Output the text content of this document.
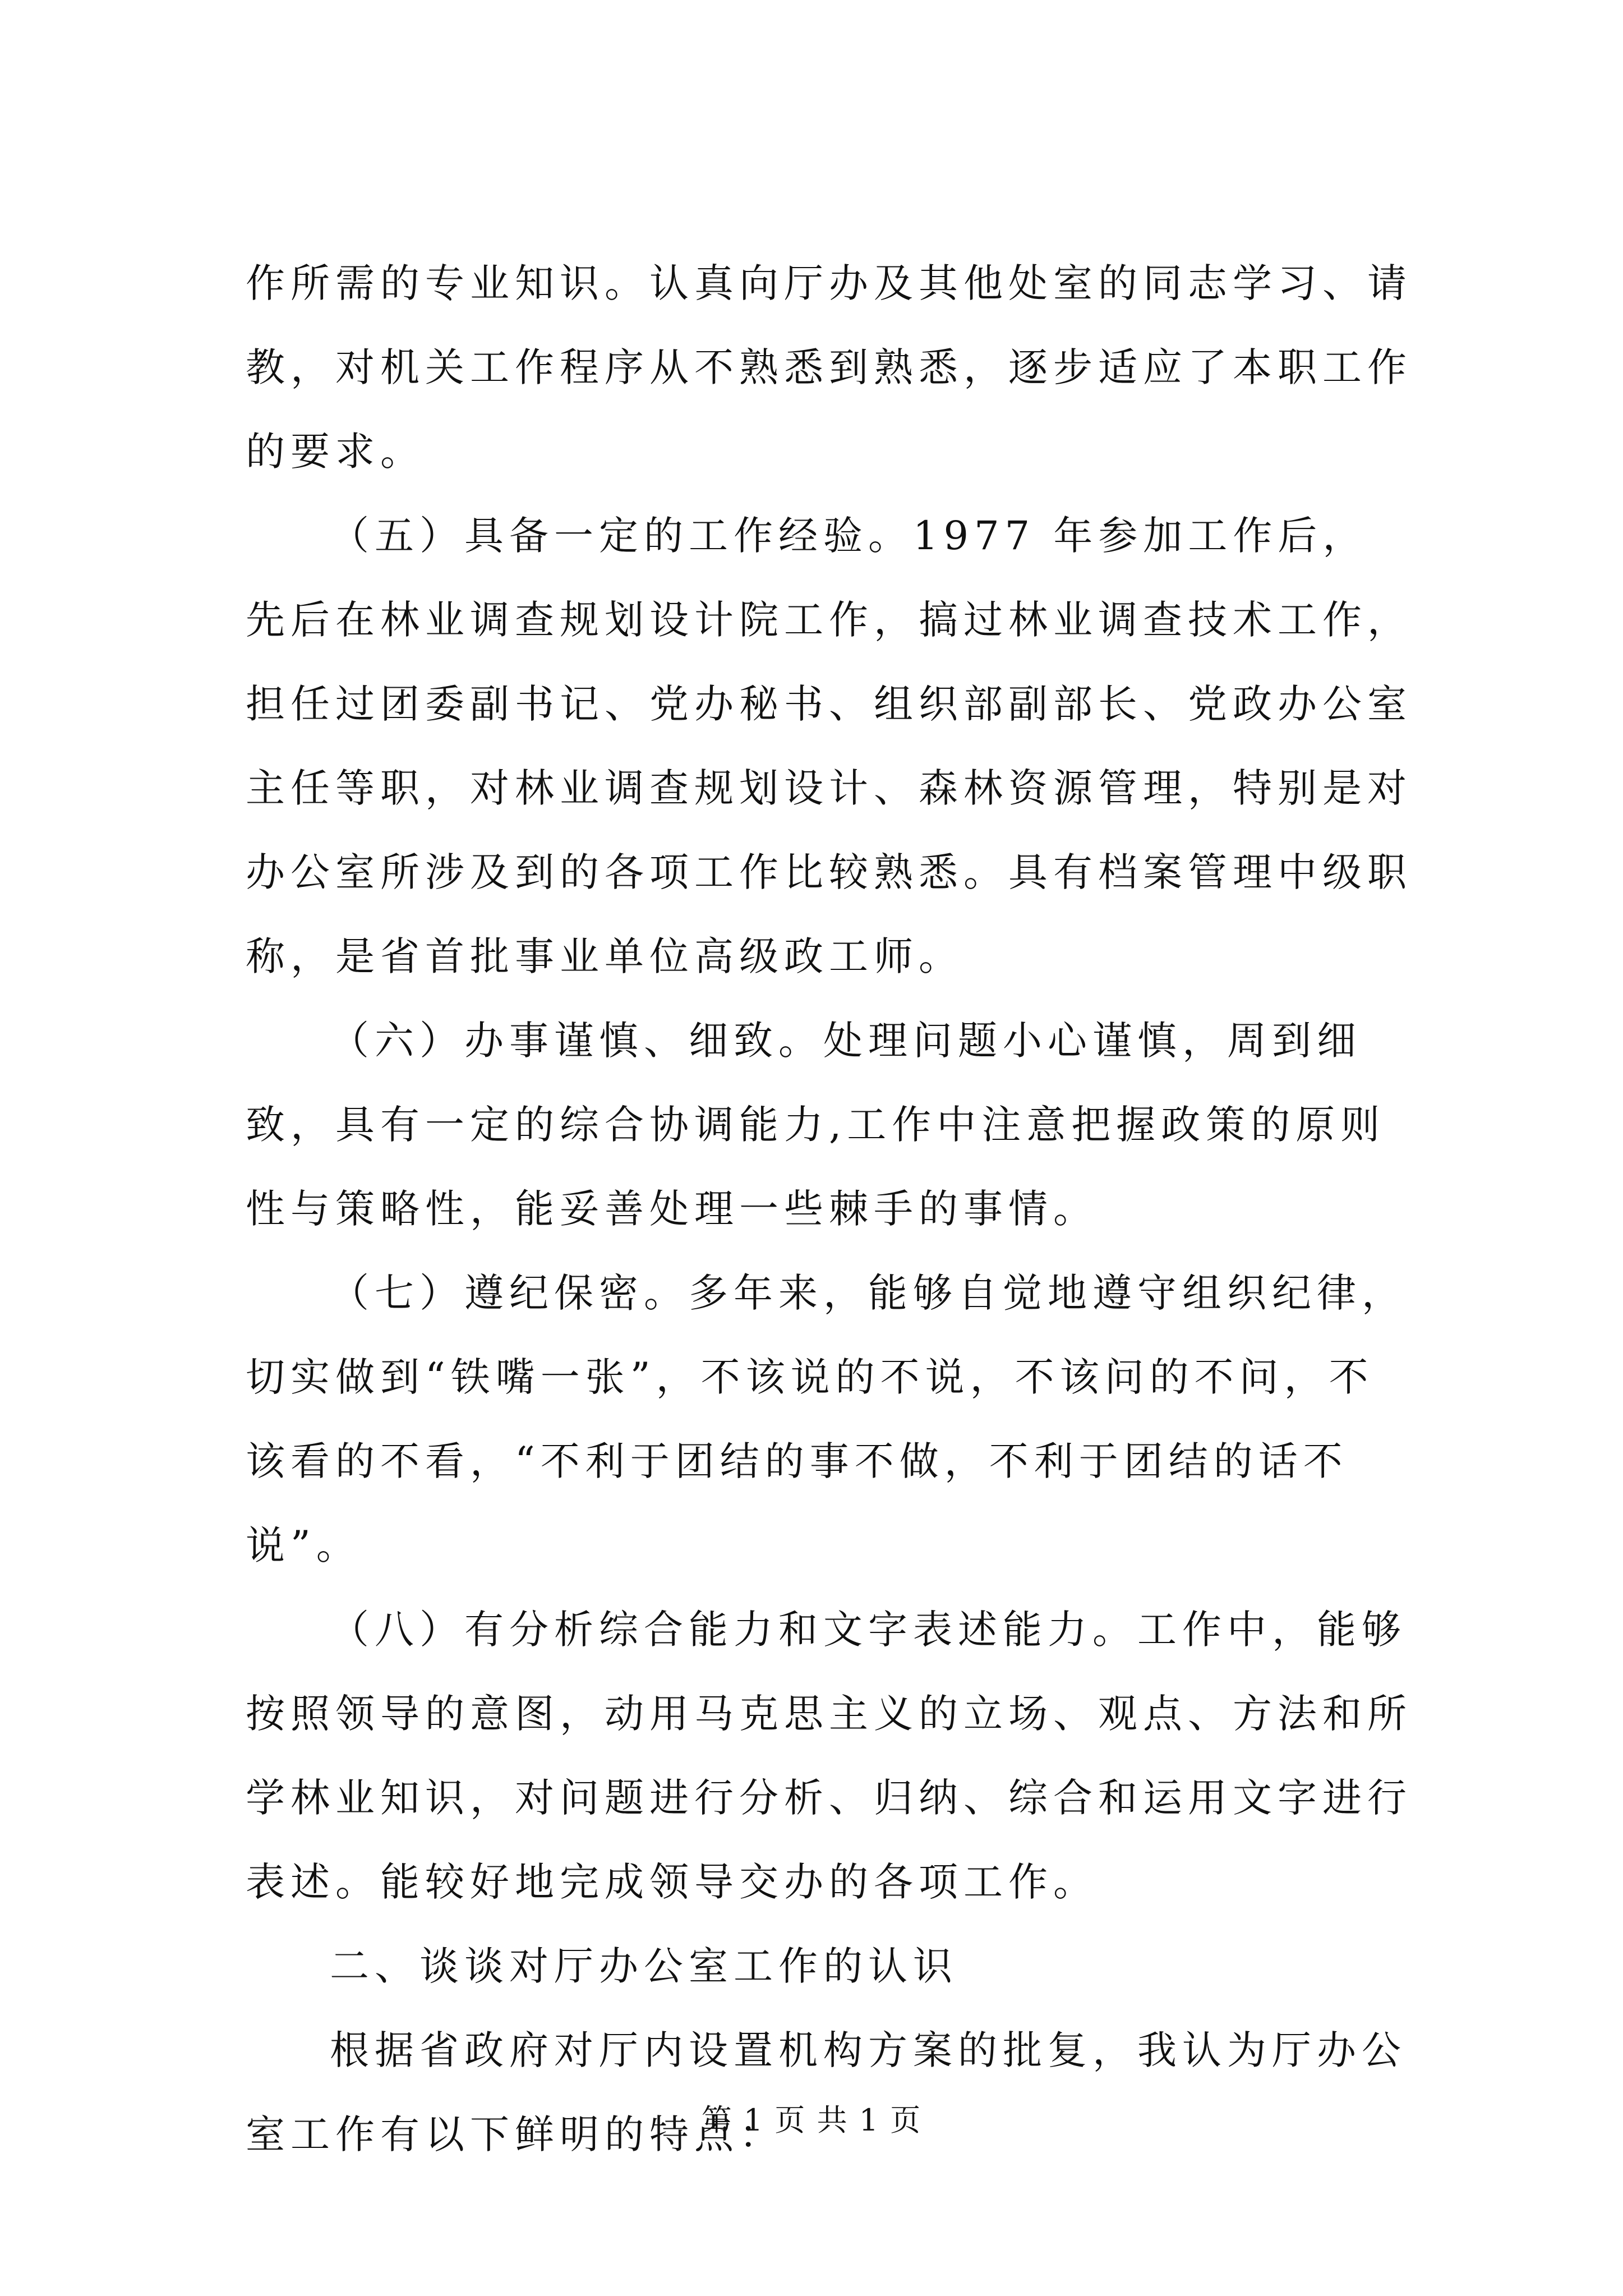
作所需的专业知识。认真向厅办及其他处室的同志学习、请教，对机关工作程序从不熟悉到熟悉，逐步适应了本职工作的要求。

（五）具备一定的工作经验。1977 年参加工作后，先后在林业调查规划设计院工作，搞过林业调查技术工作，担任过团委副书记、党办秘书、组织部副部长、党政办公室主任等职，对林业调查规划设计、森林资源管理，特别是对办公室所涉及到的各项工作比较熟悉。具有档案管理中级职称，是省首批事业单位高级政工师。

（六）办事谨慎、细致。处理问题小心谨慎，周到细致，具有一定的综合协调能力,工作中注意把握政策的原则性与策略性，能妥善处理一些棘手的事情。

（七）遵纪保密。多年来，能够自觉地遵守组织纪律，切实做到“铁嘴一张”，不该说的不说，不该问的不问，不该看的不看，“不利于团结的事不做，不利于团结的话不说”。

（八）有分析综合能力和文字表述能力。工作中，能够按照领导的意图，动用马克思主义的立场、观点、方法和所学林业知识，对问题进行分析、归纳、综合和运用文字进行表述。能较好地完成领导交办的各项工作。

二、谈谈对厅办公室工作的认识

根据省政府对厅内设置机构方案的批复，我认为厅办公室工作有以下鲜明的特点：

第 1 页 共 1 页
